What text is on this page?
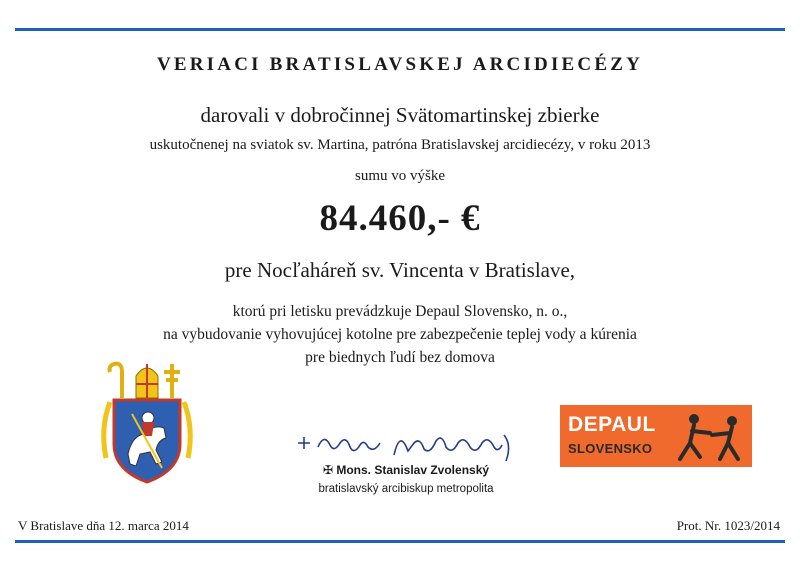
VERIACI BRATISLAVSKEJ ARCIDIECÉZY
darovali v dobročinnej Svätomartinskej zbierke
uskutočnenej na sviatok sv. Martina, patróna Bratislavskej arcidiecézy, v roku 2013
sumu vo výške
84.460,- €
pre Nocľaháreň sv. Vincenta v Bratislave,
ktorú pri letisku prevádzkuje Depaul Slovensko, n. o.,
na vybudovanie vyhovujúcej kotolne pre zabezpečenie teplej vody a kúrenia
pre biednych ľudí bez domova
✠ Mons. Stanislav Zvolenský
bratislavský arcibiskup metropolita
DEPAUL
SLOVENSKO
V Bratislave dňa 12. marca 2014	Prot. Nr. 1023/2014
